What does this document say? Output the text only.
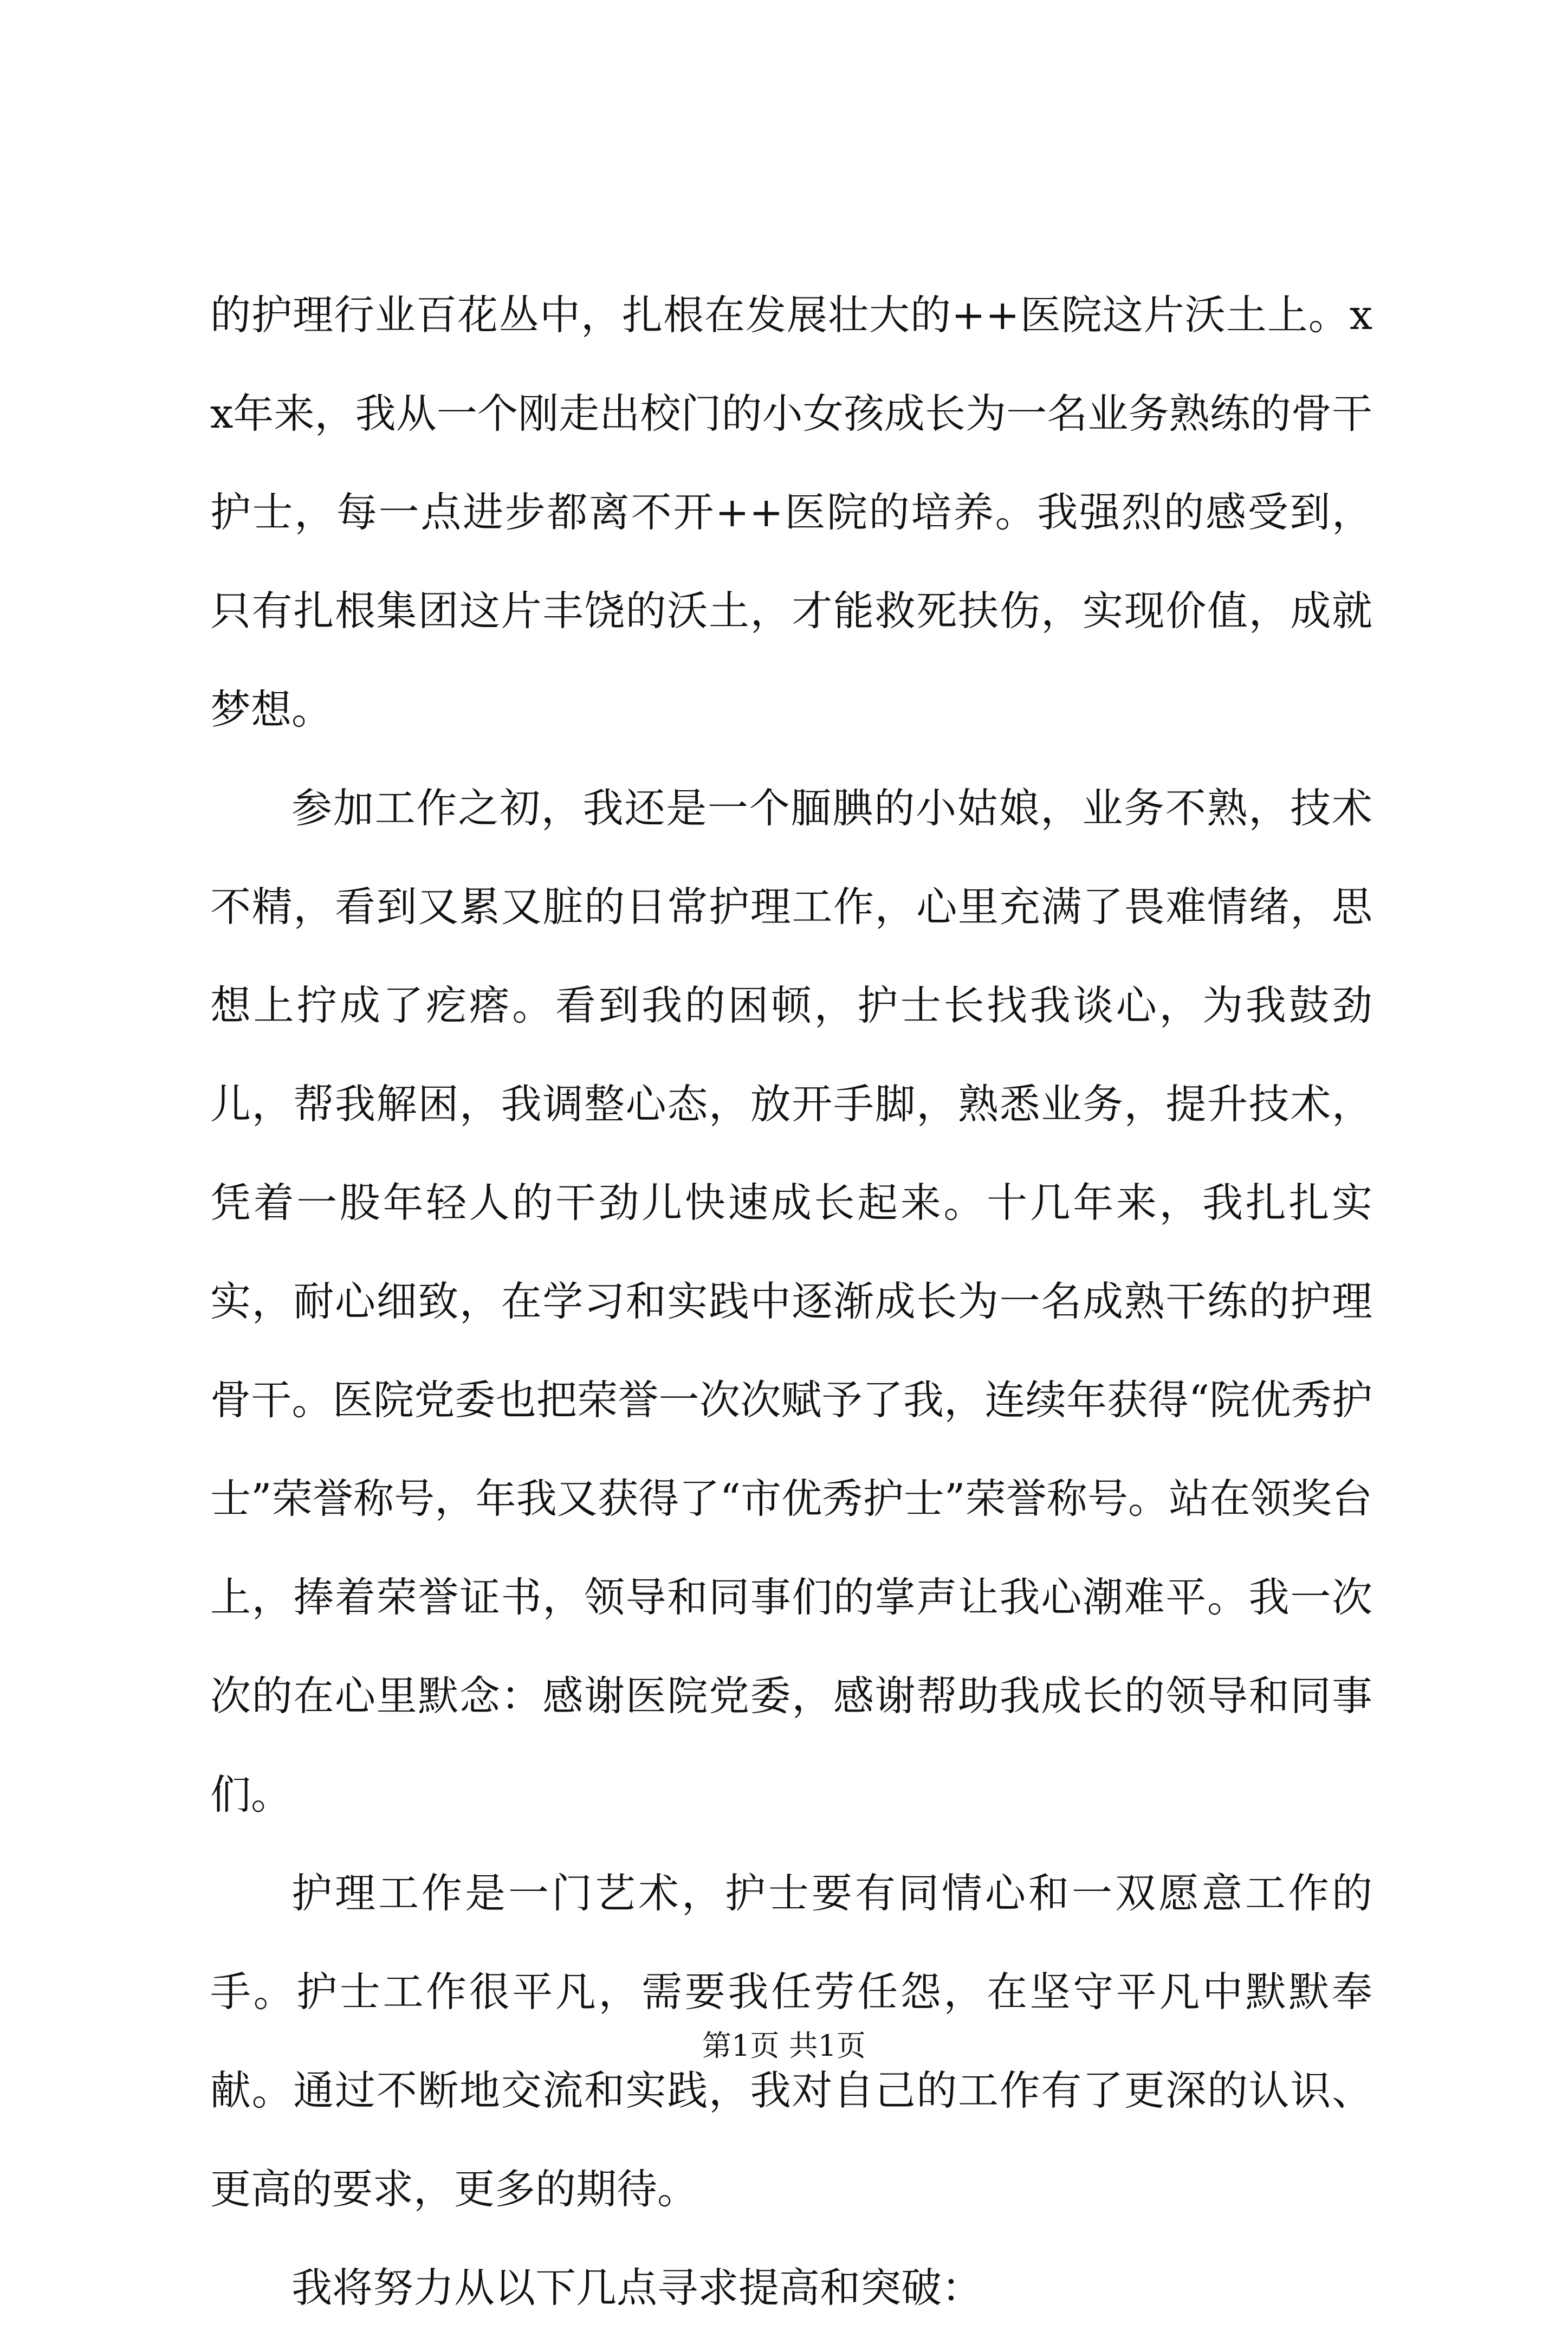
的护理行业百花丛中，扎根在发展壮大的++医院这片沃土上。xx年来，我从一个刚走出校门的小女孩成长为一名业务熟练的骨干护士，每一点进步都离不开++医院的培养。我强烈的感受到，只有扎根集团这片丰饶的沃土，才能救死扶伤，实现价值，成就梦想。

参加工作之初，我还是一个腼腆的小姑娘，业务不熟，技术不精，看到又累又脏的日常护理工作，心里充满了畏难情绪，思想上拧成了疙瘩。看到我的困顿，护士长找我谈心，为我鼓劲儿，帮我解困，我调整心态，放开手脚，熟悉业务，提升技术，凭着一股年轻人的干劲儿快速成长起来。十几年来，我扎扎实实，耐心细致，在学习和实践中逐渐成长为一名成熟干练的护理骨干。医院党委也把荣誉一次次赋予了我，连续年获得“院优秀护士”荣誉称号，年我又获得了“市优秀护士”荣誉称号。站在领奖台上，捧着荣誉证书，领导和同事们的掌声让我心潮难平。我一次次的在心里默念：感谢医院党委，感谢帮助我成长的领导和同事们。

护理工作是一门艺术，护士要有同情心和一双愿意工作的手。护士工作很平凡，需要我任劳任怨，在坚守平凡中默默奉献。通过不断地交流和实践，我对自己的工作有了更深的认识、更高的要求，更多的期待。

我将努力从以下几点寻求提高和突破：

第1页 共1页
